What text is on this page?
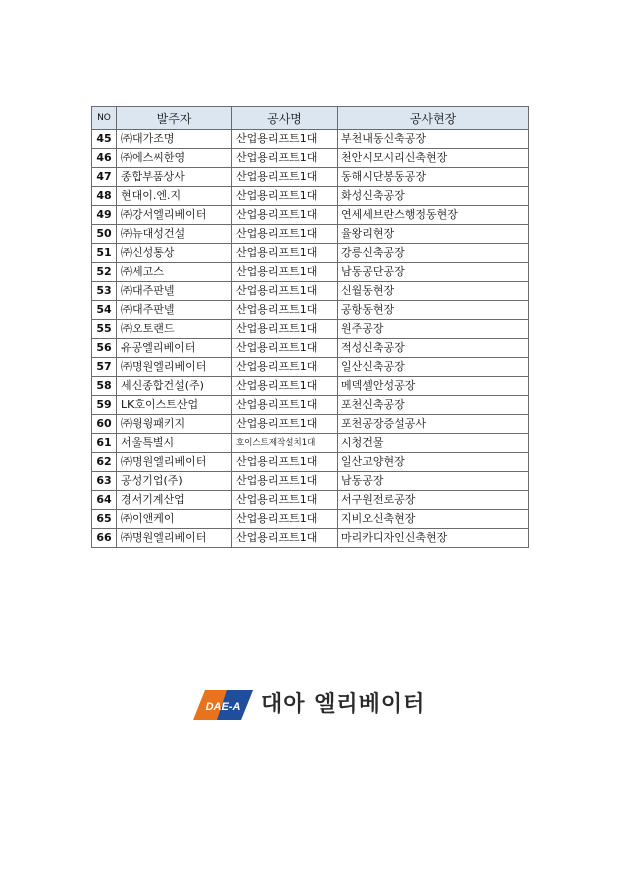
NO	발주자	공사명	공사현장
45	㈜대가조명	산업용리프트1대	부천내동신축공장
46	㈜에스씨한영	산업용리프트1대	천안시모시리신축현장
47	종합부품상사	산업용리프트1대	동해시단봉동공장
48	현대이.엔.지	산업용리프트1대	화성신축공장
49	㈜강서엘리베이터	산업용리프트1대	연세세브란스행정동현장
50	㈜뉴대성건설	산업용리프트1대	율왕리현장
51	㈜신성통상	산업용리프트1대	강릉신축공장
52	㈜세고스	산업용리프트1대	남동공단공장
53	㈜대주판넬	산업용리프트1대	신월동현장
54	㈜대주판넬	산업용리프트1대	공항동현장
55	㈜오토랜드	산업용리프트1대	원주공장
56	유공엘리베이터	산업용리프트1대	적성신축공장
57	㈜명원엘리베이터	산업용리프트1대	일산신축공장
58	세신종합건설(주)	산업용리프트1대	메덱셀안성공장
59	LK호이스트산업	산업용리프트1대	포천신축공장
60	㈜윙윙패키지	산업용리프트1대	포천공장증설공사
61	서울특별시	호이스트제작설치1대	시청건물
62	㈜명원엘리베이터	산업용리프트1대	일산고양현장
63	공성기업(주)	산업용리프트1대	남동공장
64	경서기계산업	산업용리프트1대	서구원전로공장
65	㈜이앤케이	산업용리프트1대	지비오신축현장
66	㈜명원엘리베이터	산업용리프트1대	마리카디자인신축현장
DAE-A 대아 엘리베이터
